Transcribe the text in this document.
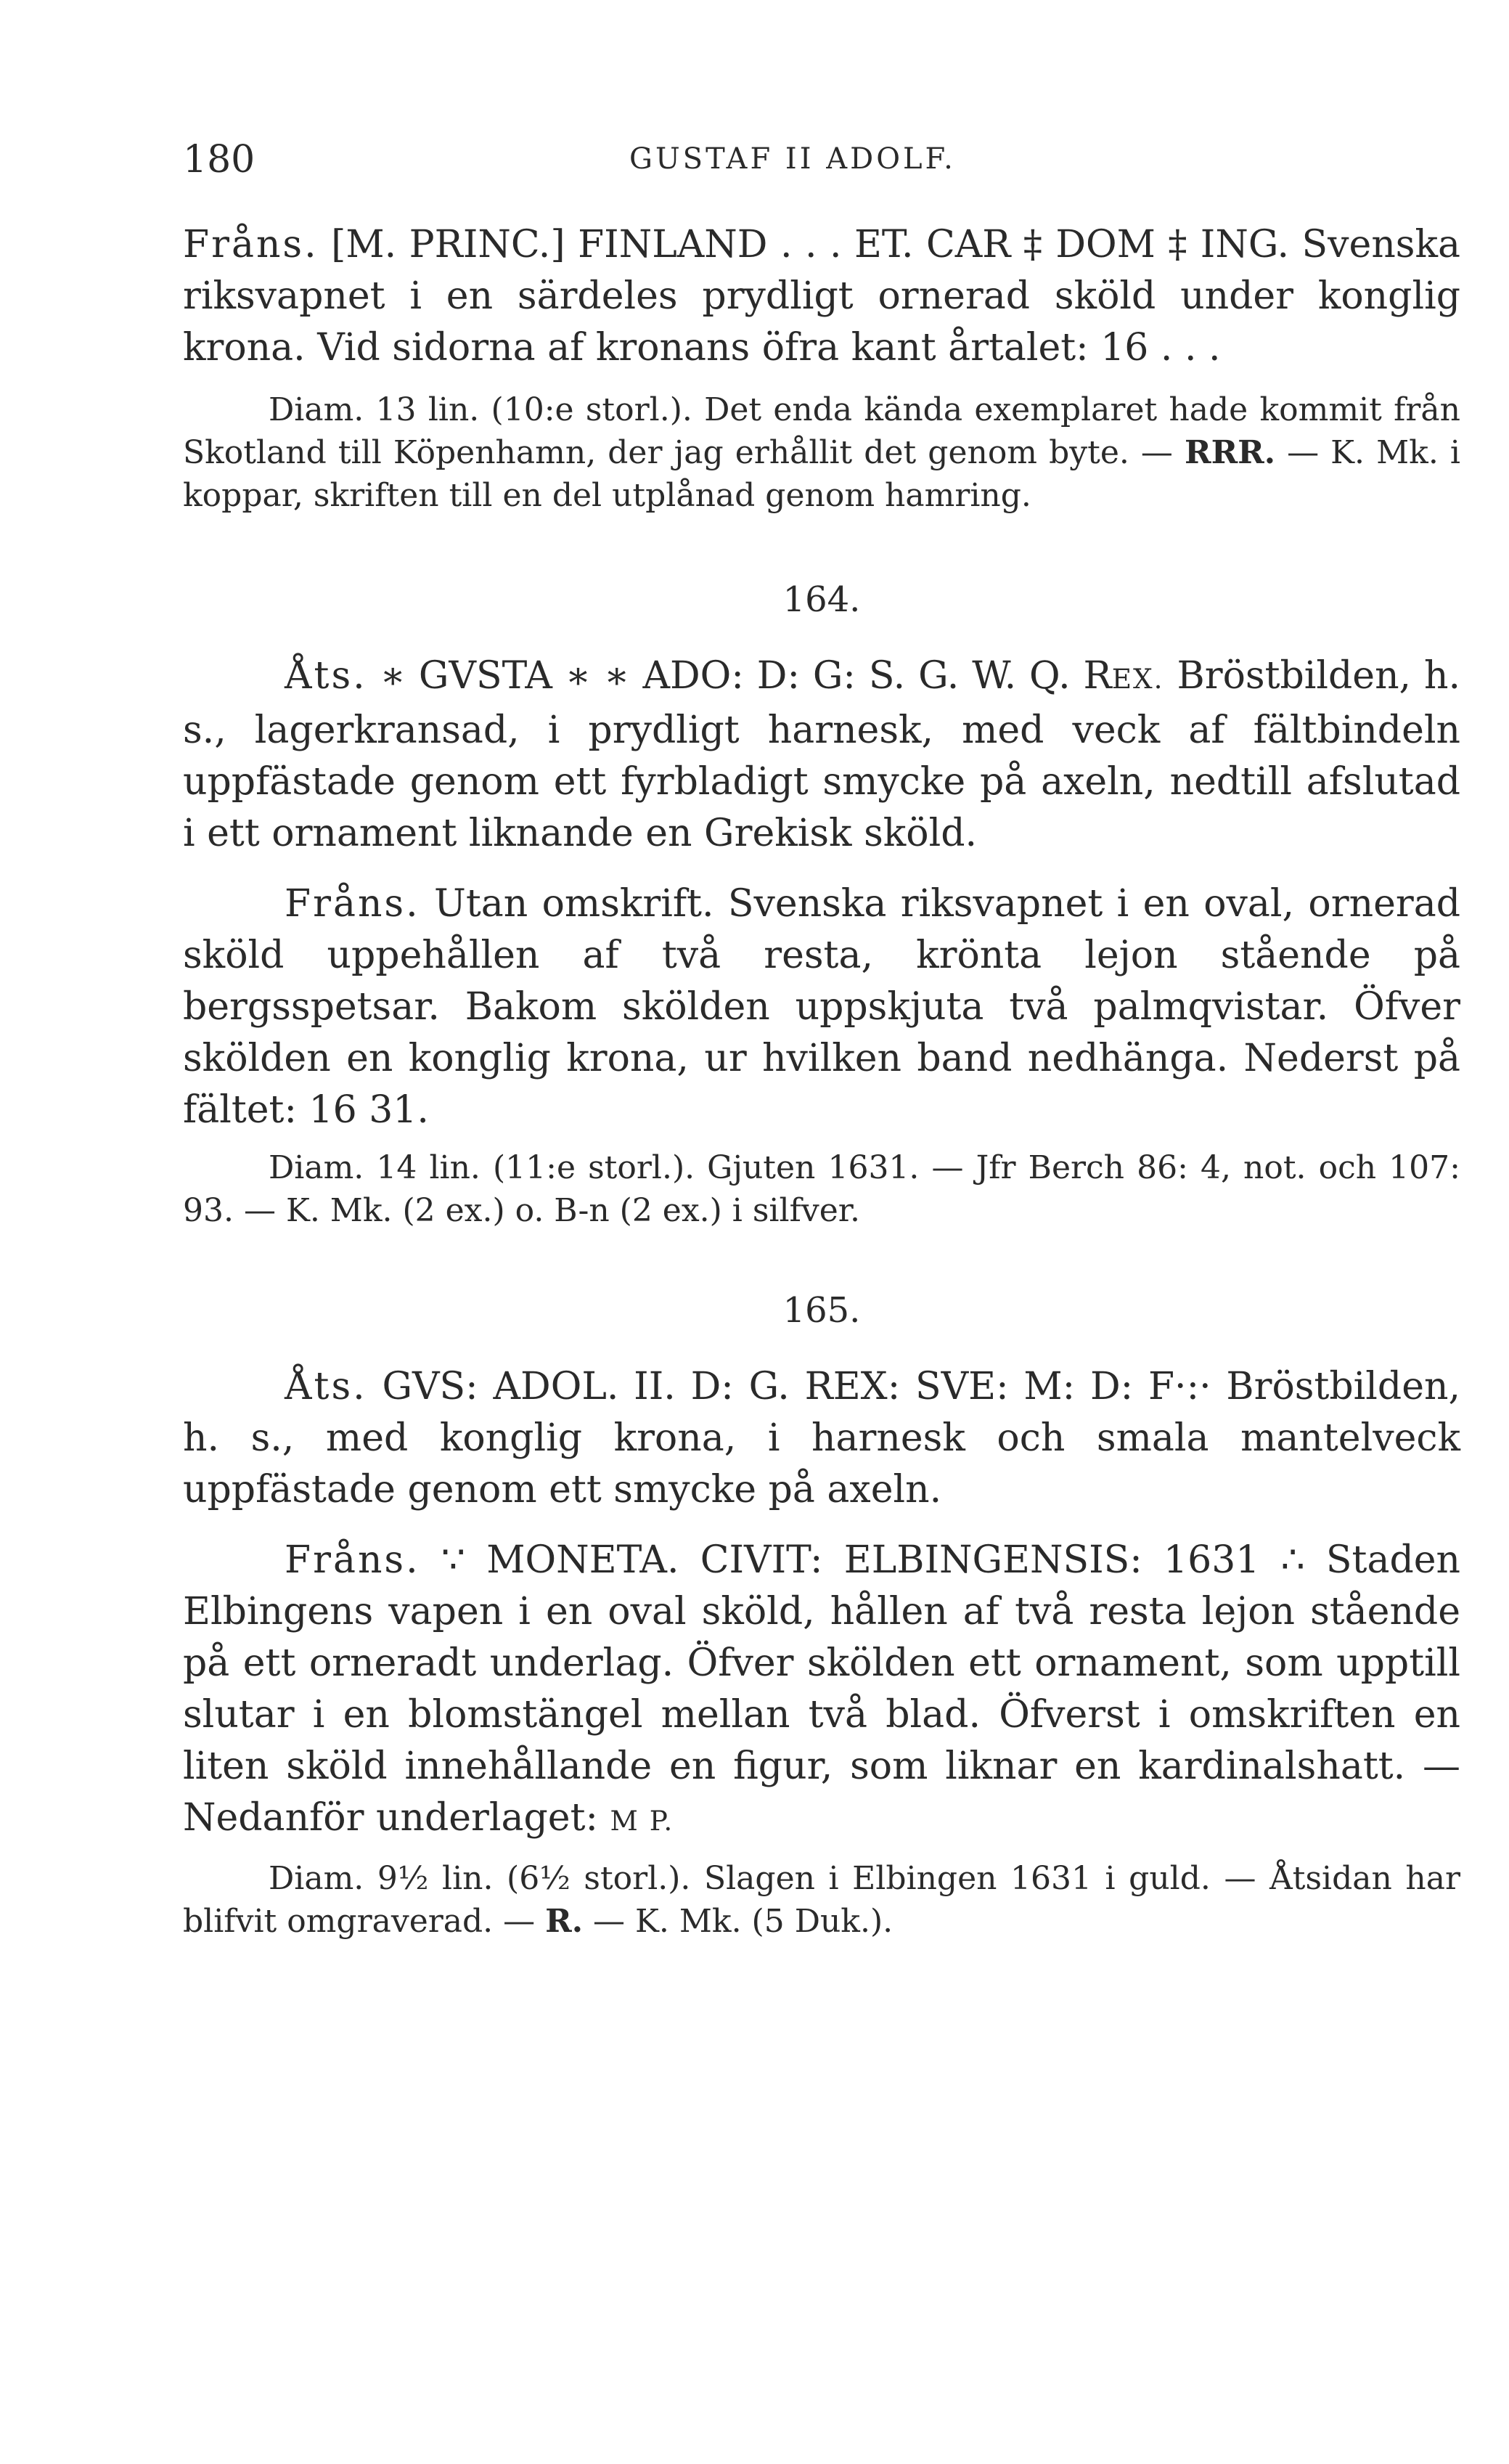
180	GUSTAF II ADOLF.

Fråns. [M. PRINC.] FINLAND . . . ET. CAR ‡ DOM ‡ ING. Svenska riksvapnet i en särdeles prydligt ornerad sköld under konglig krona. Vid sidorna af kronans öfra kant årtalet: 16 . . .

Diam. 13 lin. (10:e storl.). Det enda kända exemplaret hade kommit från Skotland till Köpenhamn, der jag erhållit det genom byte. — RRR. — K. Mk. i koppar, skriften till en del utplånad genom hamring.

164.

Åts. ∗ GVSTA ∗ ∗ ADO: D: G: S. G. W. Q. REX. Bröstbilden, h. s., lagerkransad, i prydligt harnesk, med veck af fältbindeln uppfästade genom ett fyrbladigt smycke på axeln, nedtill afslutad i ett ornament liknande en Grekisk sköld.

Fråns. Utan omskrift. Svenska riksvapnet i en oval, ornerad sköld uppehållen af två resta, krönta lejon stående på bergsspetsar. Bakom skölden uppskjuta två palmqvistar. Öfver skölden en konglig krona, ur hvilken band nedhänga. Nederst på fältet: 16 31.

Diam. 14 lin. (11:e storl.). Gjuten 1631. — Jfr Berch 86: 4, not. och 107: 93. — K. Mk. (2 ex.) o. B-n (2 ex.) i silfver.

165.

Åts. GVS: ADOL. II. D: G. REX: SVE: M: D: F·:· Bröstbilden, h. s., med konglig krona, i harnesk och smala mantelveck uppfästade genom ett smycke på axeln.

Fråns. ∵ MONETA. CIVIT: ELBINGENSIS: 1631 ∴ Staden Elbingens vapen i en oval sköld, hållen af två resta lejon stående på ett orneradt underlag. Öfver skölden ett ornament, som upptill slutar i en blomstängel mellan två blad. Öfverst i omskriften en liten sköld innehållande en figur, som liknar en kardinalshatt. — Nedanför underlaget: M P.

Diam. 9½ lin. (6½ storl.). Slagen i Elbingen 1631 i guld. — Åtsidan har blifvit omgraverad. — R. — K. Mk. (5 Duk.).
